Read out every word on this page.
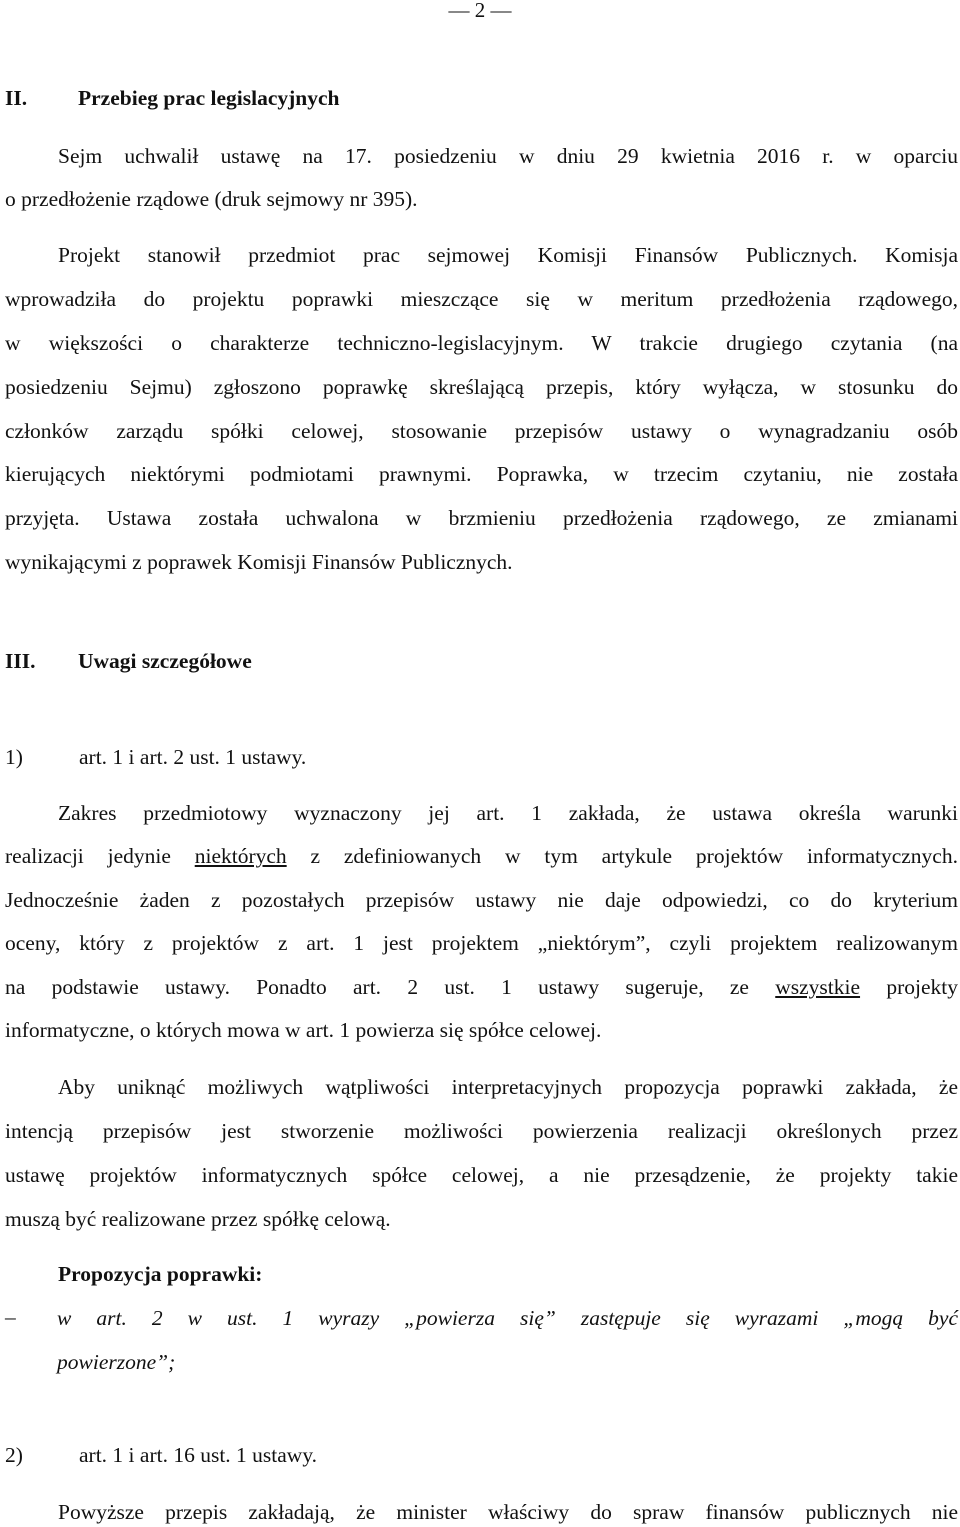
— 2 —
II. Przebieg prac legislacyjnych
Sejm uchwalił ustawę na 17. posiedzeniu w dniu 29 kwietnia 2016 r. w oparciu
o przedłożenie rządowe (druk sejmowy nr 395).
Projekt stanowił przedmiot prac sejmowej Komisji Finansów Publicznych. Komisja
wprowadziła do projektu poprawki mieszczące się w meritum przedłożenia rządowego,
w większości o charakterze techniczno-legislacyjnym. W trakcie drugiego czytania (na
posiedzeniu Sejmu) zgłoszono poprawkę skreślającą przepis, który wyłącza, w stosunku do
członków zarządu spółki celowej, stosowanie przepisów ustawy o wynagradzaniu osób
kierujących niektórymi podmiotami prawnymi. Poprawka, w trzecim czytaniu, nie została
przyjęta. Ustawa została uchwalona w brzmieniu przedłożenia rządowego, ze zmianami
wynikającymi z poprawek Komisji Finansów Publicznych.
III. Uwagi szczegółowe
1)	art. 1 i art. 2 ust. 1 ustawy.
Zakres przedmiotowy wyznaczony jej art. 1 zakłada, że ustawa określa warunki
realizacji jedynie niektórych z zdefiniowanych w tym artykule projektów informatycznych.
Jednocześnie żaden z pozostałych przepisów ustawy nie daje odpowiedzi, co do kryterium
oceny, który z projektów z art. 1 jest projektem „niektórym”, czyli projektem realizowanym
na podstawie ustawy. Ponadto art. 2 ust. 1 ustawy sugeruje, ze wszystkie projekty
informatyczne, o których mowa w art. 1 powierza się spółce celowej.
Aby uniknąć możliwych wątpliwości interpretacyjnych propozycja poprawki zakłada, że
intencją przepisów jest stworzenie możliwości powierzenia realizacji określonych przez
ustawę projektów informatycznych spółce celowej, a nie przesądzenie, że projekty takie
muszą być realizowane przez spółkę celową.
Propozycja poprawki:
– w art. 2 w ust. 1 wyrazy „powierza się” zastępuje się wyrazami „mogą być
powierzone”;
2)	art. 1 i art. 16 ust. 1 ustawy.
Powyższe przepis zakładają, że minister właściwy do spraw finansów publicznych nie
